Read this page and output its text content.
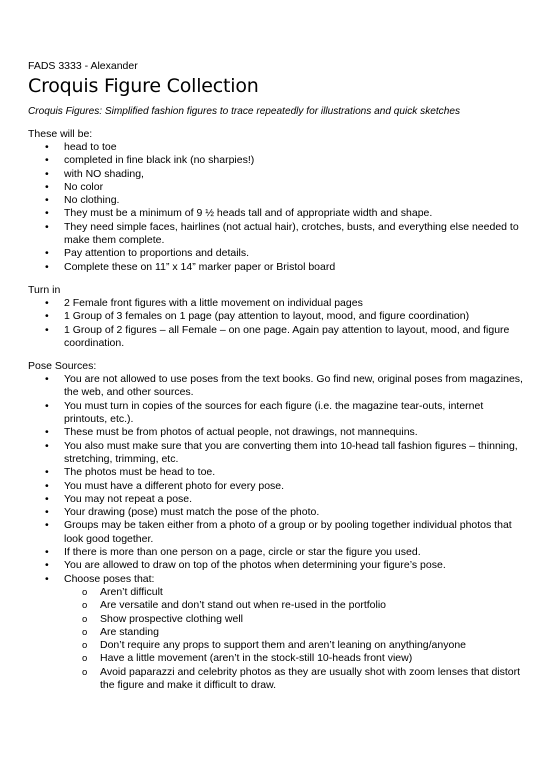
FADS 3333 - Alexander
Croquis Figure Collection
Croquis Figures: Simplified fashion figures to trace repeatedly for illustrations and quick sketches
These will be:
• head to toe
• completed in fine black ink (no sharpies!)
• with NO shading,
• No color
• No clothing.
• They must be a minimum of 9 ½ heads tall and of appropriate width and shape.
• They need simple faces, hairlines (not actual hair), crotches, busts, and everything else needed to make them complete.
• Pay attention to proportions and details.
• Complete these on 11” x 14” marker paper or Bristol board
Turn in
• 2 Female front figures with a little movement on individual pages
• 1 Group of 3 females on 1 page (pay attention to layout, mood, and figure coordination)
• 1 Group of 2 figures – all Female – on one page. Again pay attention to layout, mood, and figure coordination.
Pose Sources:
• You are not allowed to use poses from the text books. Go find new, original poses from magazines, the web, and other sources.
• You must turn in copies of the sources for each figure (i.e. the magazine tear-outs, internet printouts, etc.).
• These must be from photos of actual people, not drawings, not mannequins.
• You also must make sure that you are converting them into 10-head tall fashion figures – thinning, stretching, trimming, etc.
• The photos must be head to toe.
• You must have a different photo for every pose.
• You may not repeat a pose.
• Your drawing (pose) must match the pose of the photo.
• Groups may be taken either from a photo of a group or by pooling together individual photos that look good together.
• If there is more than one person on a page, circle or star the figure you used.
• You are allowed to draw on top of the photos when determining your figure’s pose.
• Choose poses that:
o Aren’t difficult
o Are versatile and don’t stand out when re-used in the portfolio
o Show prospective clothing well
o Are standing
o Don’t require any props to support them and aren’t leaning on anything/anyone
o Have a little movement (aren’t in the stock-still 10-heads front view)
o Avoid paparazzi and celebrity photos as they are usually shot with zoom lenses that distort the figure and make it difficult to draw.
